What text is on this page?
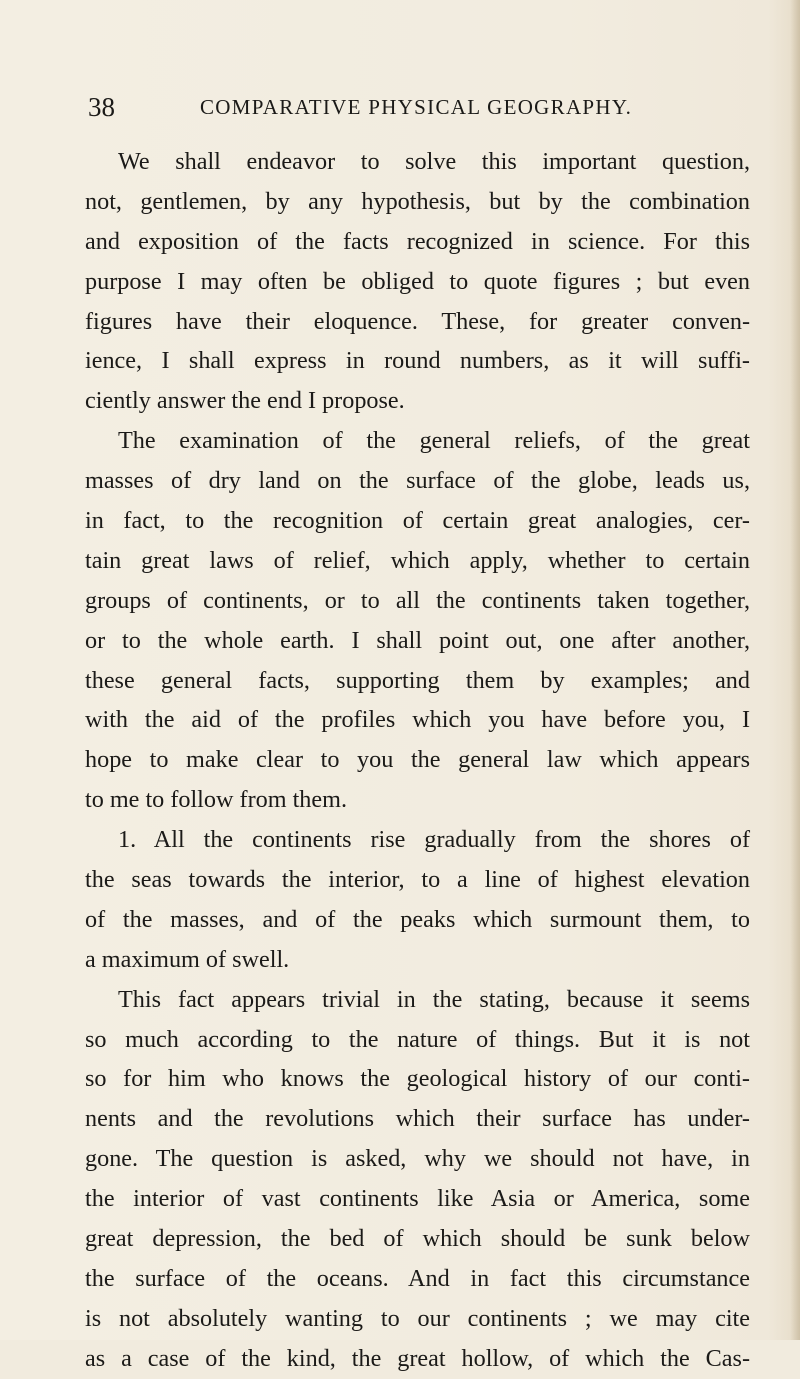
38	COMPARATIVE PHYSICAL GEOGRAPHY.
We shall endeavor to solve this important question,
not, gentlemen, by any hypothesis, but by the combination
and exposition of the facts recognized in science. For this
purpose I may often be obliged to quote figures ; but even
figures have their eloquence. These, for greater conven-
ience, I shall express in round numbers, as it will suffi-
ciently answer the end I propose.
The examination of the general reliefs, of the great
masses of dry land on the surface of the globe, leads us,
in fact, to the recognition of certain great analogies, cer-
tain great laws of relief, which apply, whether to certain
groups of continents, or to all the continents taken together,
or to the whole earth. I shall point out, one after another,
these general facts, supporting them by examples; and
with the aid of the profiles which you have before you, I
hope to make clear to you the general law which appears
to me to follow from them.
1. All the continents rise gradually from the shores of
the seas towards the interior, to a line of highest elevation
of the masses, and of the peaks which surmount them, to
a maximum of swell.
This fact appears trivial in the stating, because it seems
so much according to the nature of things. But it is not
so for him who knows the geological history of our conti-
nents and the revolutions which their surface has under-
gone. The question is asked, why we should not have, in
the interior of vast continents like Asia or America, some
great depression, the bed of which should be sunk below
the surface of the oceans. And in fact this circumstance
is not absolutely wanting to our continents ; we may cite
as a case of the kind, the great hollow, of which the Cas-
